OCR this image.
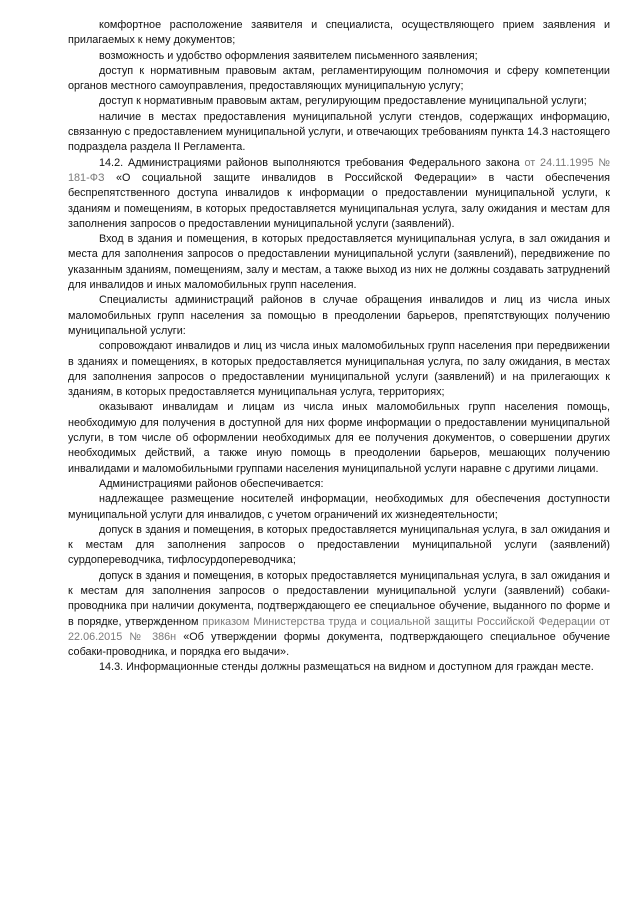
комфортное расположение заявителя и специалиста, осуществляющего прием заявления и прилагаемых к нему документов;

возможность и удобство оформления заявителем письменного заявления;

доступ к нормативным правовым актам, регламентирующим полномочия и сферу компетенции органов местного самоуправления, предоставляющих муниципальную услугу;

доступ к нормативным правовым актам, регулирующим предоставление муниципальной услуги;

наличие в местах предоставления муниципальной услуги стендов, содержащих информацию, связанную с предоставлением муниципальной услуги, и отвечающих требованиям пункта 14.3 настоящего подраздела раздела II Регламента.

14.2. Администрациями районов выполняются требования Федерального закона от 24.11.1995 № 181-ФЗ «О социальной защите инвалидов в Российской Федерации» в части обеспечения беспрепятственного доступа инвалидов к информации о предоставлении муниципальной услуги, к зданиям и помещениям, в которых предоставляется муниципальная услуга, залу ожидания и местам для заполнения запросов о предоставлении муниципальной услуги (заявлений).

Вход в здания и помещения, в которых предоставляется муниципальная услуга, в зал ожидания и места для заполнения запросов о предоставлении муниципальной услуги (заявлений), передвижение по указанным зданиям, помещениям, залу и местам, а также выход из них не должны создавать затруднений для инвалидов и иных маломобильных групп населения.

Специалисты администраций районов в случае обращения инвалидов и лиц из числа иных маломобильных групп населения за помощью в преодолении барьеров, препятствующих получению муниципальной услуги:

сопровождают инвалидов и лиц из числа иных маломобильных групп населения при передвижении в зданиях и помещениях, в которых предоставляется муниципальная услуга, по залу ожидания, в местах для заполнения запросов о предоставлении муниципальной услуги (заявлений) и на прилегающих к зданиям, в которых предоставляется муниципальная услуга, территориях;

оказывают инвалидам и лицам из числа иных маломобильных групп населения помощь, необходимую для получения в доступной для них форме информации о предоставлении муниципальной услуги, в том числе об оформлении необходимых для ее получения документов, о совершении других необходимых действий, а также иную помощь в преодолении барьеров, мешающих получению инвалидами и маломобильными группами населения муниципальной услуги наравне с другими лицами.

Администрациями районов обеспечивается:

надлежащее размещение носителей информации, необходимых для обеспечения доступности муниципальной услуги для инвалидов, с учетом ограничений их жизнедеятельности;

допуск в здания и помещения, в которых предоставляется муниципальная услуга, в зал ожидания и к местам для заполнения запросов о предоставлении муниципальной услуги (заявлений) сурдопереводчика, тифлосурдопереводчика;

допуск в здания и помещения, в которых предоставляется муниципальная услуга, в зал ожидания и к местам для заполнения запросов о предоставлении муниципальной услуги (заявлений) собаки-проводника при наличии документа, подтверждающего ее специальное обучение, выданного по форме и в порядке, утвержденном приказом Министерства труда и социальной защиты Российской Федерации от 22.06.2015 № 386н «Об утверждении формы документа, подтверждающего специальное обучение собаки-проводника, и порядка его выдачи».

14.3. Информационные стенды должны размещаться на видном и доступном для граждан месте.
